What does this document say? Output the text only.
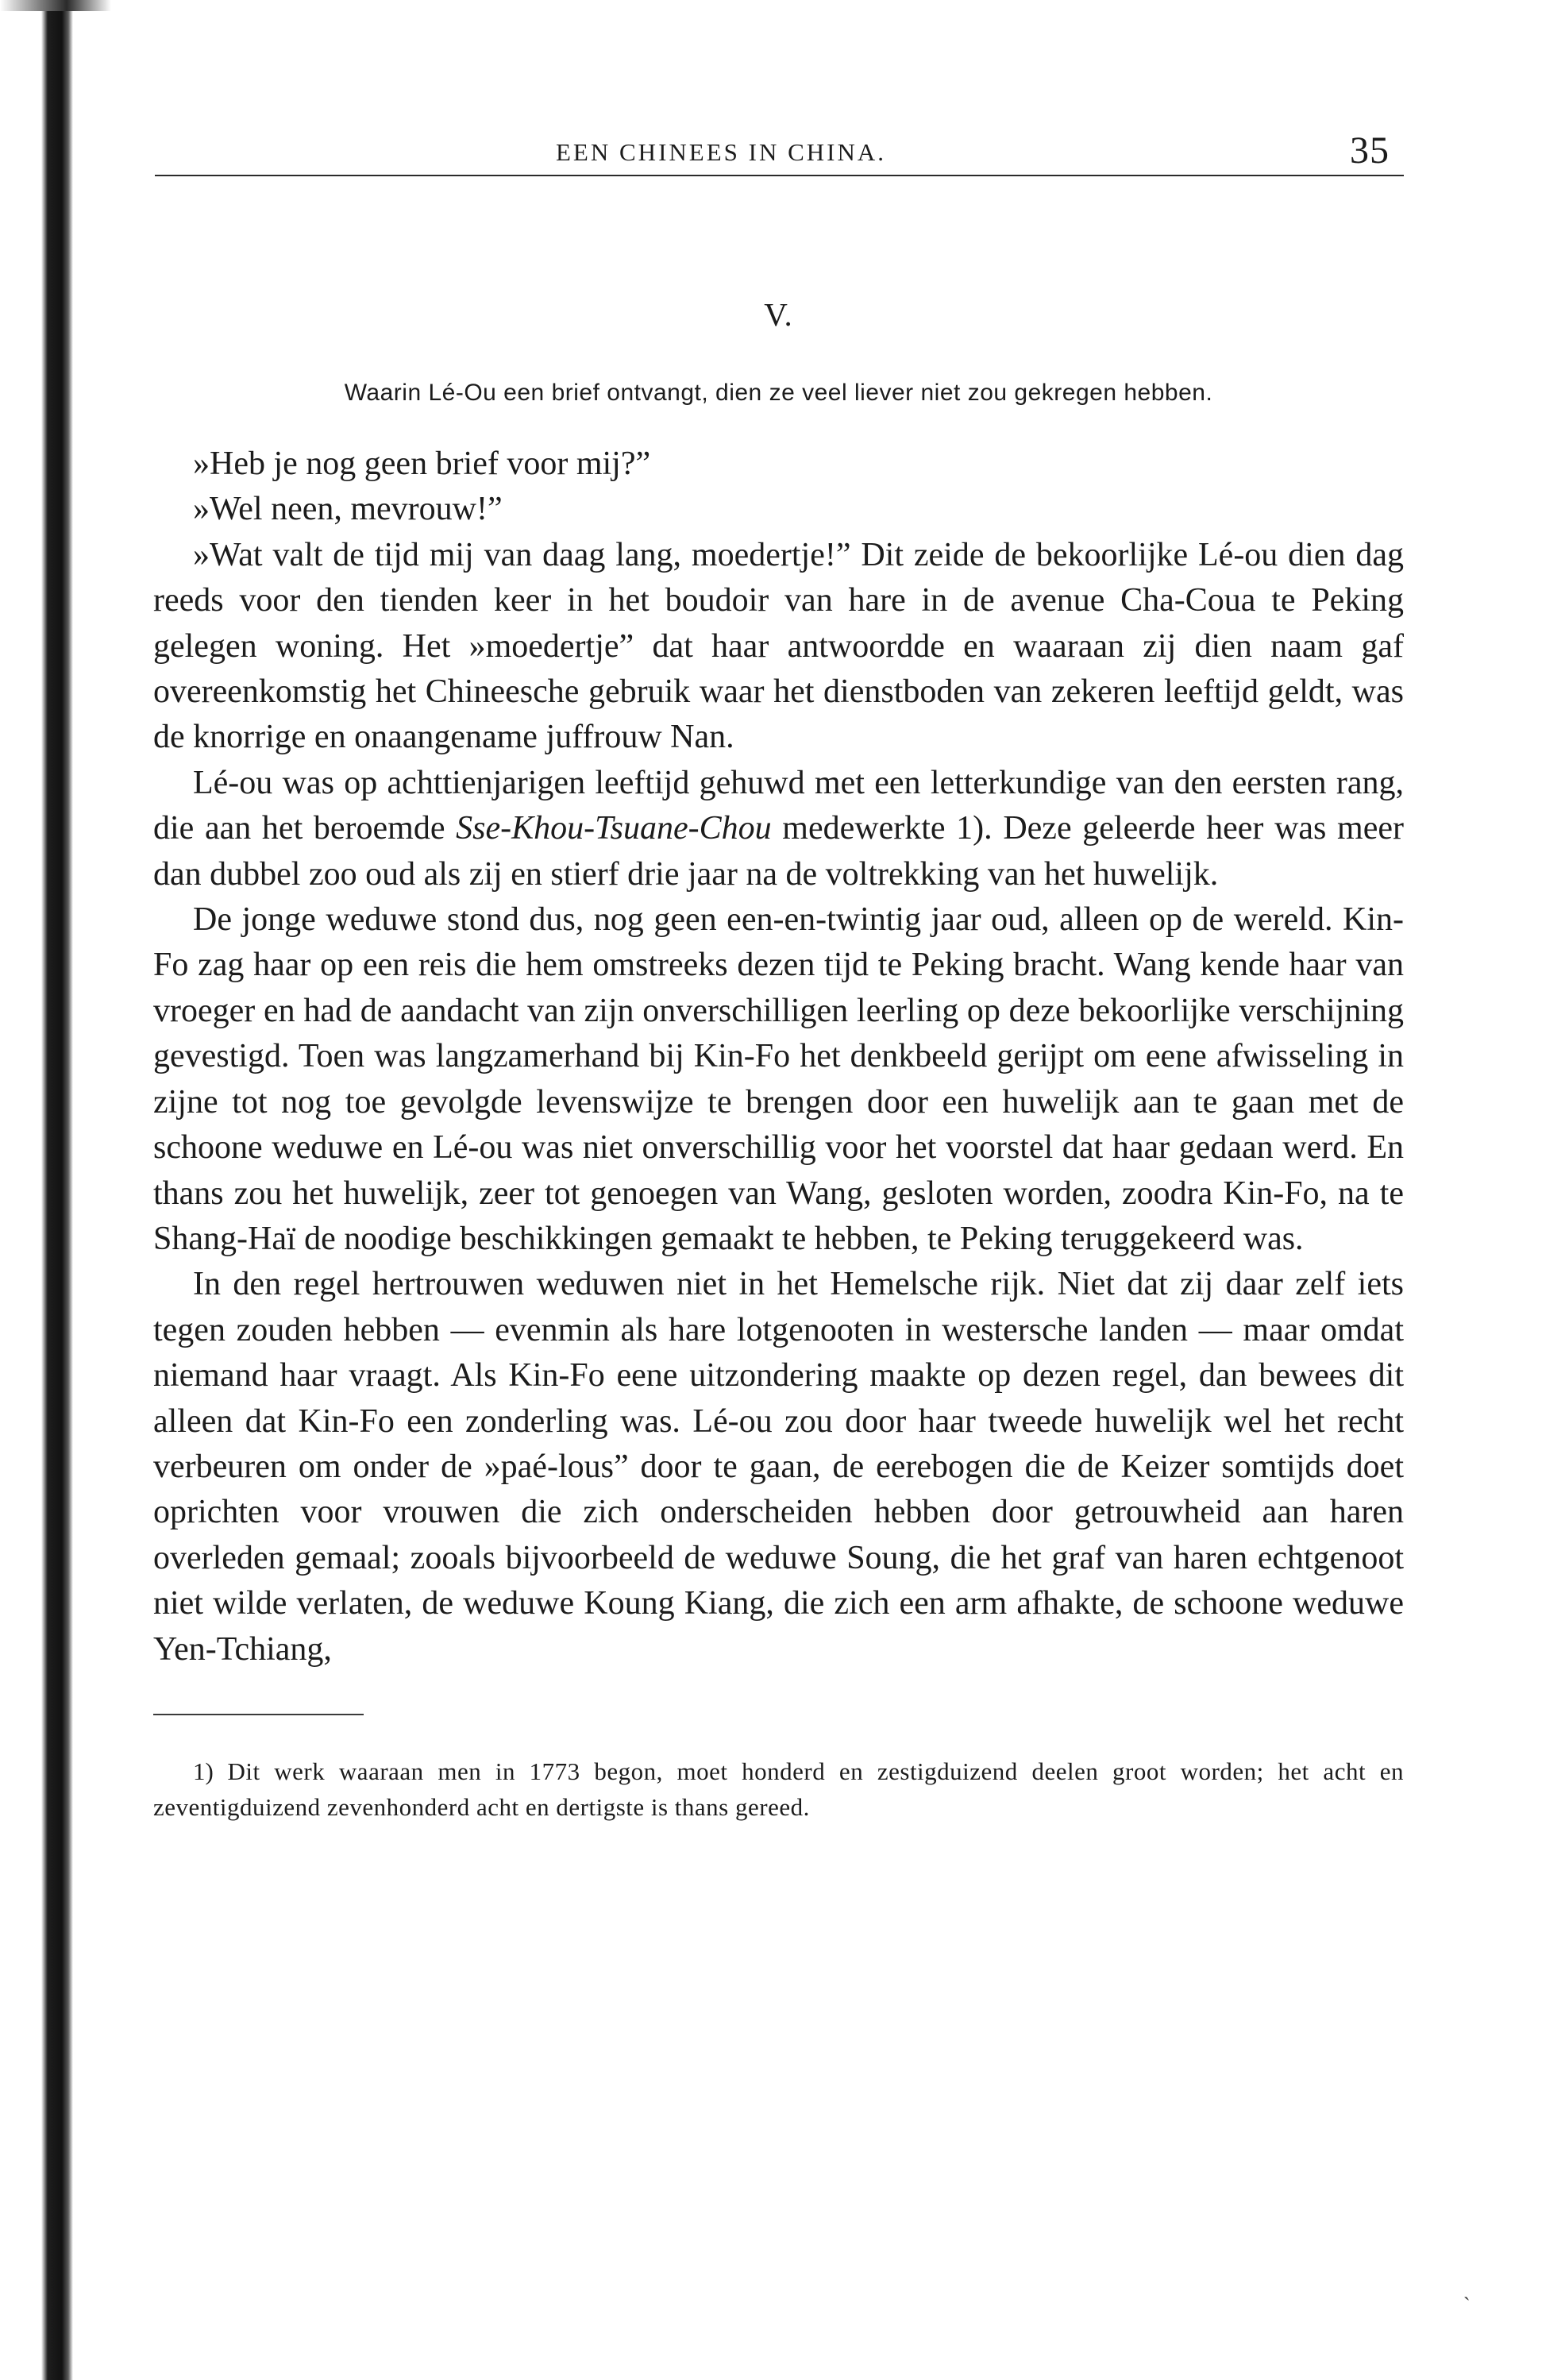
EEN CHINEES IN CHINA.	35
V.
Waarin Lé-Ou een brief ontvangt, dien ze veel liever niet zou gekregen hebben.

»Heb je nog geen brief voor mij?”

»Wel neen, mevrouw!”

»Wat valt de tijd mij van daag lang, moedertje!” Dit zeide de bekoorlijke Lé-ou dien dag reeds voor den tienden keer in het boudoir van hare in de avenue Cha-Coua te Peking gelegen woning. Het »moedertje” dat haar antwoordde en waaraan zij dien naam gaf overeenkomstig het Chineesche gebruik waar het dienstboden van zekeren leeftijd geldt, was de knorrige en onaangename juffrouw Nan.

Lé-ou was op achttienjarigen leeftijd gehuwd met een letterkundige van den eersten rang, die aan het beroemde Sse-Khou-Tsuane-Chou medewerkte 1). Deze geleerde heer was meer dan dubbel zoo oud als zij en stierf drie jaar na de voltrekking van het huwelijk.

De jonge weduwe stond dus, nog geen een-en-twintig jaar oud, alleen op de wereld. Kin-Fo zag haar op een reis die hem omstreeks dezen tijd te Peking bracht. Wang kende haar van vroeger en had de aandacht van zijn onverschilligen leerling op deze bekoorlijke verschijning gevestigd. Toen was langzamerhand bij Kin-Fo het denkbeeld gerijpt om eene afwisseling in zijne tot nog toe gevolgde levenswijze te brengen door een huwelijk aan te gaan met de schoone weduwe en Lé-ou was niet onverschillig voor het voorstel dat haar gedaan werd. En thans zou het huwelijk, zeer tot genoegen van Wang, gesloten worden, zoodra Kin-Fo, na te Shang-Haï de noodige beschikkingen gemaakt te hebben, te Peking teruggekeerd was.

In den regel hertrouwen weduwen niet in het Hemelsche rijk. Niet dat zij daar zelf iets tegen zouden hebben — evenmin als hare lotgenooten in westersche landen — maar omdat niemand haar vraagt. Als Kin-Fo eene uitzondering maakte op dezen regel, dan bewees dit alleen dat Kin-Fo een zonderling was. Lé-ou zou door haar tweede huwelijk wel het recht verbeuren om onder de »paé-lous” door te gaan, de eerebogen die de Keizer somtijds doet oprichten voor vrouwen die zich onderscheiden hebben door getrouwheid aan haren overleden gemaal; zooals bijvoorbeeld de weduwe Soung, die het graf van haren echtgenoot niet wilde verlaten, de weduwe Koung Kiang, die zich een arm afhakte, de schoone weduwe Yen-Tchiang,

1) Dit werk waaraan men in 1773 begon, moet honderd en zestigduizend deelen groot worden; het acht en zeventigduizend zevenhonderd acht en dertigste is thans gereed.
ˎ
